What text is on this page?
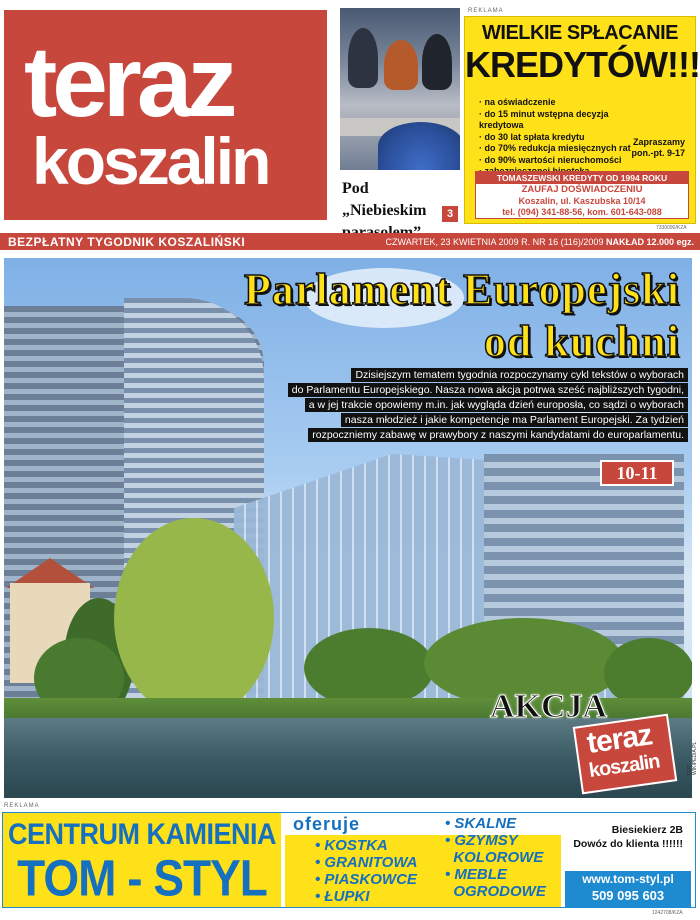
teraz
koszalin	Pod „Niebieskim	3
REKLAMA
WIELKIE SPŁACANIE
KREDYTÓW!!!
· na oświadczenie
· do 15 minut wstępna decyzja kredytowa
· do 30 lat spłata kredytu
· do 70% redukcja miesięcznych rat
· do 90% wartości nieruchomości
·
Zapraszamy
pon.-pt. 9-17
TOMASZEWSKI KREDYTY OD 1994 ROKU
ZAUFAJ DOŚWIADCZENIU
Koszalin, ul. Kaszubska 10/14
tel. (094) 341-88-56, kom. 601-643-088
7330090/KZA
BEZPŁATNY TYGODNIK KOSZALIŃSKI	CZWARTEK, 23 KWIETNIA 2009 R. NR 16 (116)/2009 NAKŁAD 12.000 egz.
Parlament Europejski
od kuchni
Dzisiejszym tematem tygodnia rozpoczynamy cykl tekstów o wyborach
do Parlamentu Europejskiego. Nasza nowa akcja potrwa sześć najbliższych tygodni,
a w jej trakcie opowiemy m.in. jak wygląda dzień europosła, co sądzi o wyborach
nasza młodzież i jakie kompetencje ma Parlament Europejski. Za tydzień
rozpoczniemy zabawę w prawybory z naszymi kandydatami do europarlamentu.
10-11
AKCJA
teraz
koszalin	FOT. WIKIPEDIA.PL
REKLAMA
CENTRUM KAMIENIA
TOM - STYL
oferuje
• KOSTKA
• GRANITOWA
• PIASKOWCE
• ŁUPKI
• SKALNE
• GZYMSY
KOLOROWE
• MEBLE
OGRODOWE
Biesiekierz 2B
Dowóz do klienta !!!!!!
www.tom-styl.pl
509 095 603
1242708/KZA
